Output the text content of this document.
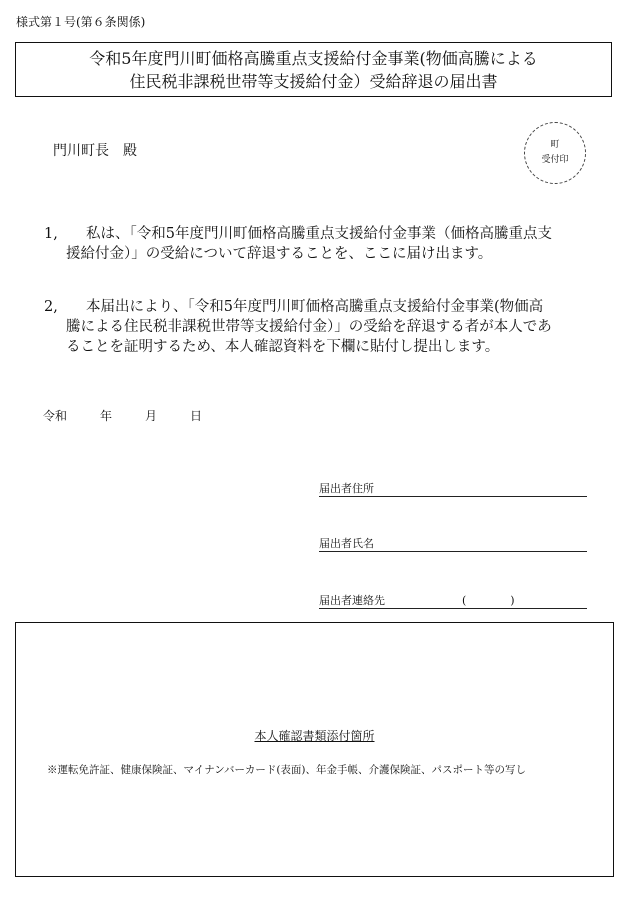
様式第１号(第６条関係)
令和5年度門川町価格高騰重点支援給付金事業(物価高騰による
住民税非課税世帯等支援給付金）受給辞退の届出書
門川町長　殿	町
受付印
1,	私は、「令和5年度門川町価格高騰重点支援給付金事業（価格高騰重点支
援給付金）」の受給について辞退することを、ここに届け出ます。
2,	本届出により、「令和5年度門川町価格高騰重点支援給付金事業(物価高
騰による住民税非課税世帯等支援給付金）」の受給を辞退する者が本人であ
ることを証明するため、本人確認資料を下欄に貼付し提出します。
令和	年	月	日
届出者住所
届出者氏名
届出者連絡先	(　　　　)
本人確認書類添付箇所
※運転免許証、健康保険証、マイナンバーカード(表面)、年金手帳、介護保険証、パスポート等の写し
